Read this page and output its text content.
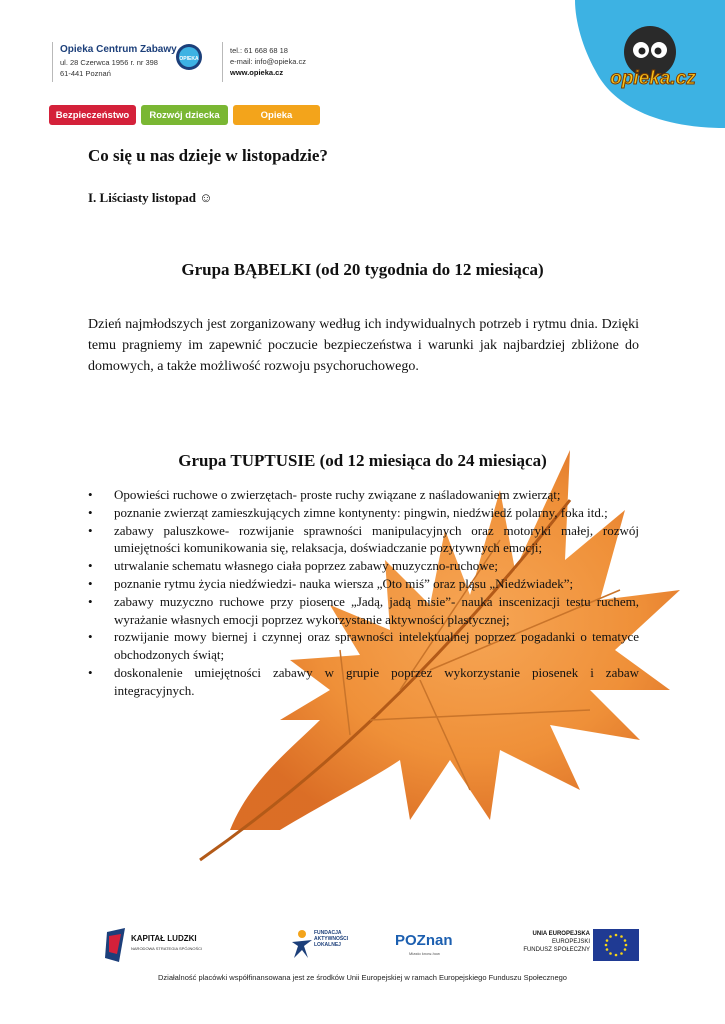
Opieka Centrum Zabawy
ul. 28 Czerwca 1956 r. nr 398
61-441 Poznań
OPIEKA
tel.: 61 668 68 18
e-mail: info@opieka.cz
www.opieka.cz	opieka.cz
Bezpieczeństwo	Rozwój dziecka	Opieka
Co się u nas dzieje w listopadzie?
I. Liściasty listopad ☺
Grupa BĄBELKI (od 20 tygodnia do 12 miesiąca)
Dzień najmłodszych jest zorganizowany według ich indywidualnych potrzeb i rytmu dnia. Dzięki temu pragniemy im zapewnić poczucie bezpieczeństwa i warunki jak najbardziej zbliżone do domowych, a także możliwość rozwoju psychoruchowego.
Grupa TUPTUSIE (od 12 miesiąca do 24 miesiąca)
• Opowieści ruchowe o zwierzętach- proste ruchy związane z naśladowaniem zwierząt;
• poznanie zwierząt zamieszkujących zimne kontynenty: pingwin, niedźwiedź polarny, foka itd.;
• zabawy paluszkowe- rozwijanie sprawności manipulacyjnych oraz motoryki małej, rozwój umiejętności komunikowania się, relaksacja, doświadczanie pozytywnych emocji;
• utrwalanie schematu własnego ciała poprzez zabawy muzyczno-ruchowe;
• poznanie rytmu życia niedźwiedzi- nauka wiersza „Oto miś” oraz pląsu „Niedźwiadek”;
• zabawy muzyczno ruchowe przy piosence „Jadą, jadą misie”- nauka inscenizacji testu ruchem, wyrażanie własnych emocji poprzez wykorzystanie aktywności plastycznej;
• rozwijanie mowy biernej i czynnej oraz sprawności intelektualnej poprzez pogadanki o tematyce obchodzonych świąt;
• doskonalenie umiejętności zabawy w grupie poprzez wykorzystanie piosenek i zabaw integracyjnych.
KAPITAŁ LUDZKI
NARODOWA STRATEGIA SPÓJNOŚCI
FUNDACJA
AKTYWNOŚCI
LOKALNEJ	POZnan
Miasto know-how
UNIA EUROPEJSKA
EUROPEJSKI
FUNDUSZ SPOŁECZNY
Działalność placówki współfinansowana jest ze środków Unii Europejskiej w ramach Europejskiego Funduszu Społecznego
